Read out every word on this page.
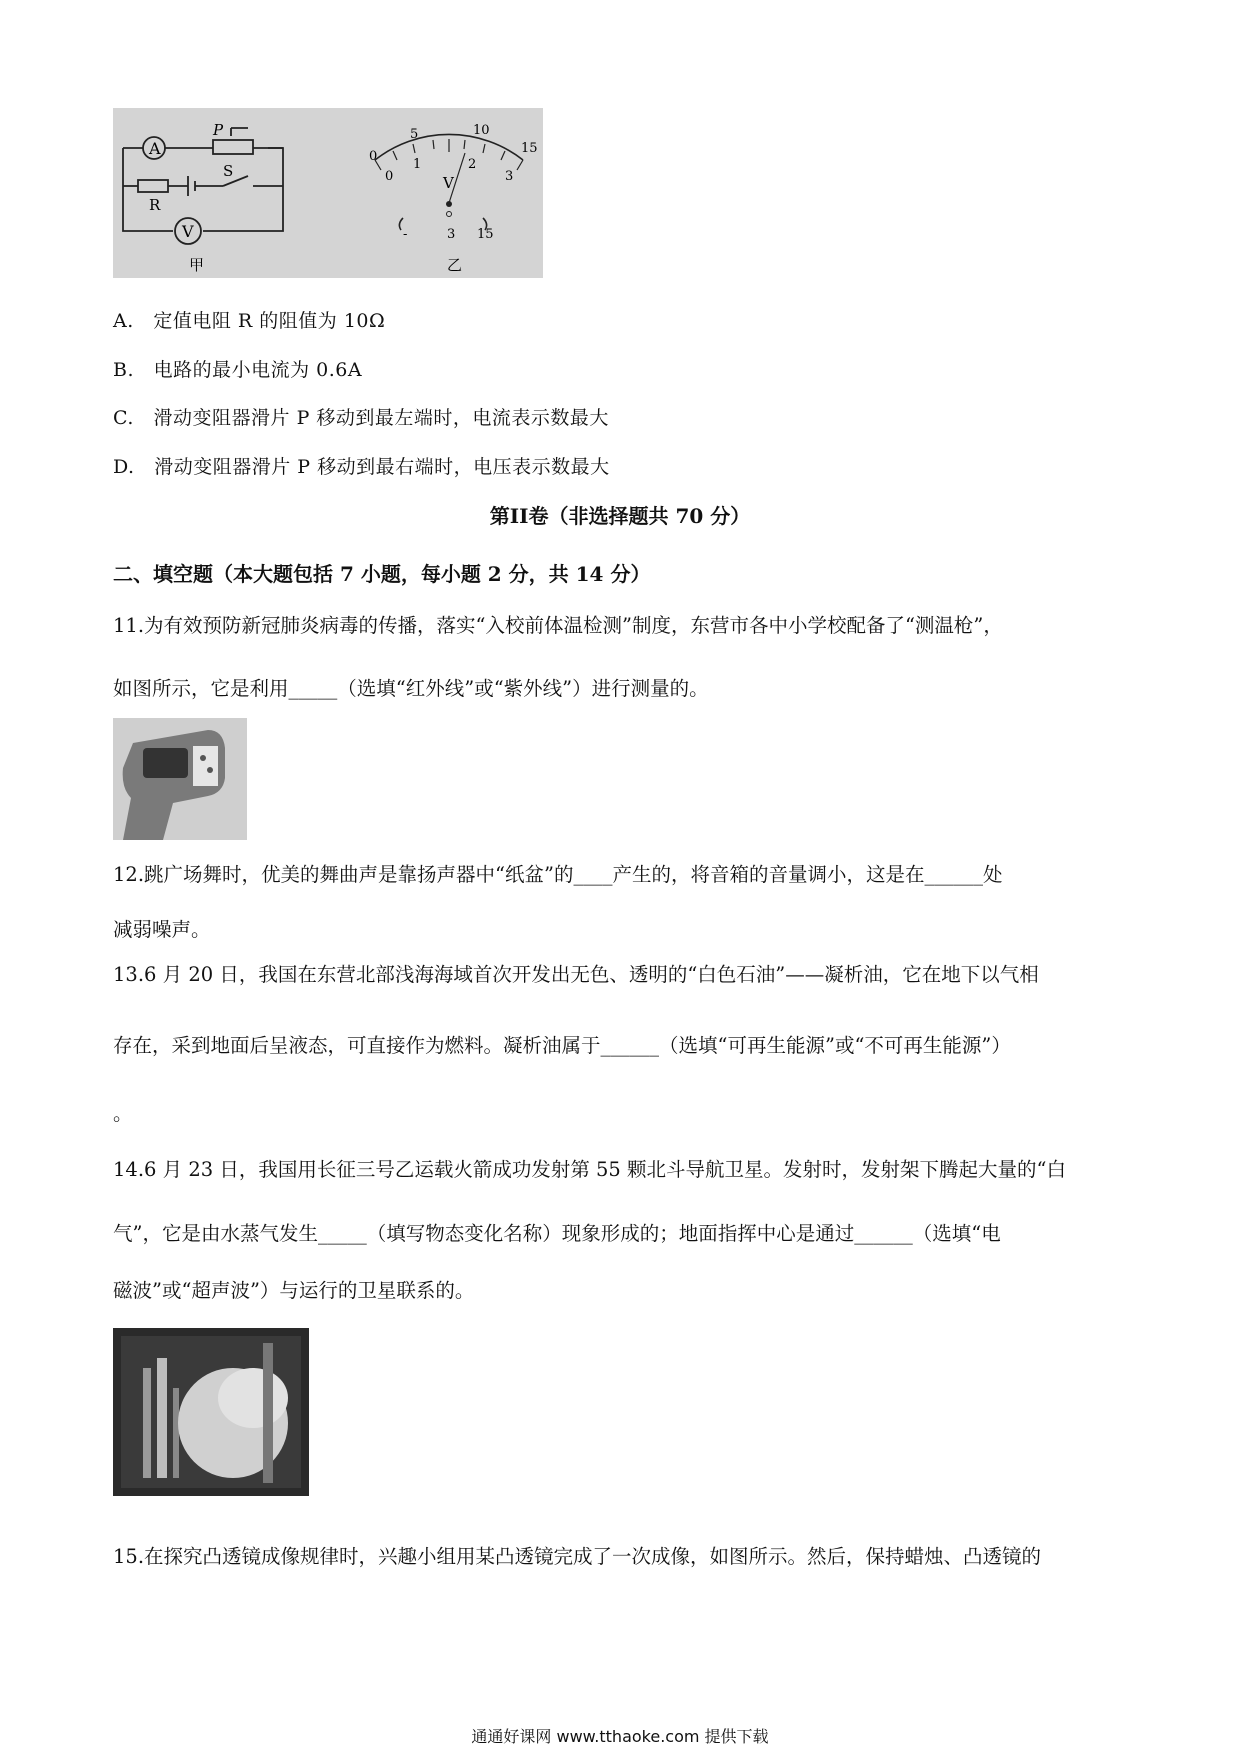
A
V
P
R
S
甲
0
5	10
15
0
1	2
3
V
-	3 15
乙
A. 定值电阻 R 的阻值为 10Ω
B. 电路的最小电流为 0.6A
C. 滑动变阻器滑片 P 移动到最左端时，电流表示数最大
D. 滑动变阻器滑片 P 移动到最右端时，电压表示数最大
第II卷（非选择题共 70 分）
二、填空题（本大题包括 7 小题，每小题 2 分，共 14 分）
11.为有效预防新冠肺炎病毒的传播，落实“入校前体温检测”制度，东营市各中小学校配备了“测温枪”，
如图所示，它是利用_____（选填“红外线”或“紫外线”）进行测量的。
12.跳广场舞时，优美的舞曲声是靠扬声器中“纸盆”的____产生的，将音箱的音量调小，这是在______处
减弱噪声。
13.6 月 20 日，我国在东营北部浅海海域首次开发出无色、透明的“白色石油”——凝析油，它在地下以气相
存在，采到地面后呈液态，可直接作为燃料。凝析油属于______（选填“可再生能源”或“不可再生能源”）
。
14.6 月 23 日，我国用长征三号乙运载火箭成功发射第 55 颗北斗导航卫星。发射时，发射架下腾起大量的“白
气”，它是由水蒸气发生_____（填写物态变化名称）现象形成的；地面指挥中心是通过______（选填“电
磁波”或“超声波”）与运行的卫星联系的。
15.在探究凸透镜成像规律时，兴趣小组用某凸透镜完成了一次成像，如图所示。然后，保持蜡烛、凸透镜的
通通好课网 www.tthaoke.com 提供下载
